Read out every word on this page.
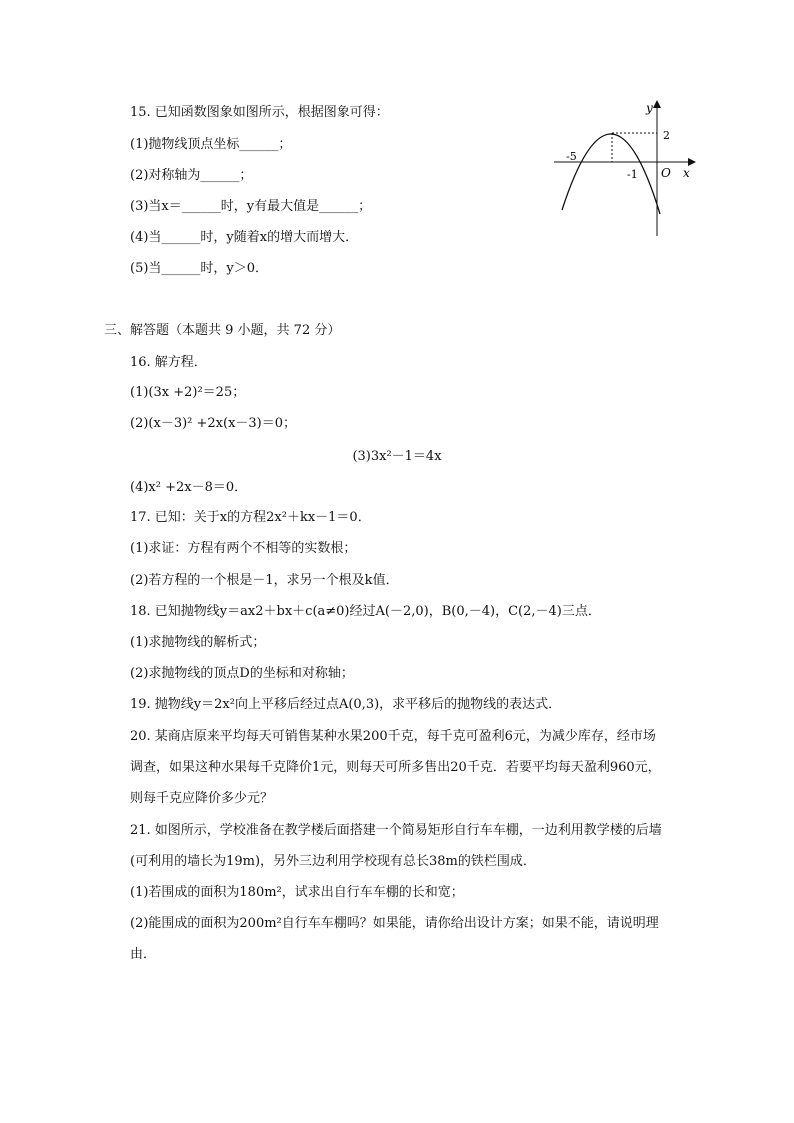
15. 已知函数图象如图所示，根据图象可得：
(1)抛物线顶点坐标______；
(2)对称轴为______；
(3)当x＝______时，y有最大值是______；
(4)当______时，y随着x的增大而增大．
(5)当______时，y＞0．
y
x
O
-5
-1
2
三、解答题（本题共 9 小题，共 72 分）
16. 解方程．
(1)(3x +2)²＝25；
(2)(x－3)² +2x(x－3)＝0；
(3)3x²－1＝4x
(4)x² +2x－8＝0．
17. 已知：关于x的方程2x²＋kx－1＝0．
(1)求证：方程有两个不相等的实数根；
(2)若方程的一个根是－1，求另一个根及k值．
18. 已知抛物线y＝ax2＋bx＋c(a≠0)经过A(－2,0)，B(0,－4)，C(2,－4)三点．
(1)求抛物线的解析式；
(2)求抛物线的顶点D的坐标和对称轴；
19. 抛物线y＝2x²向上平移后经过点A(0,3)，求平移后的抛物线的表达式．
20. 某商店原来平均每天可销售某种水果200千克，每千克可盈利6元，为减少库存，经市场
调查，如果这种水果每千克降价1元，则每天可所多售出20千克．若要平均每天盈利960元，
则每千克应降价多少元？
21. 如图所示，学校准备在教学楼后面搭建一个简易矩形自行车车棚，一边利用教学楼的后墙
(可利用的墙长为19m)，另外三边利用学校现有总长38m的铁栏围成．
(1)若围成的面积为180m²，试求出自行车车棚的长和宽；
(2)能围成的面积为200m²自行车车棚吗？如果能，请你给出设计方案；如果不能，请说明理
由．
